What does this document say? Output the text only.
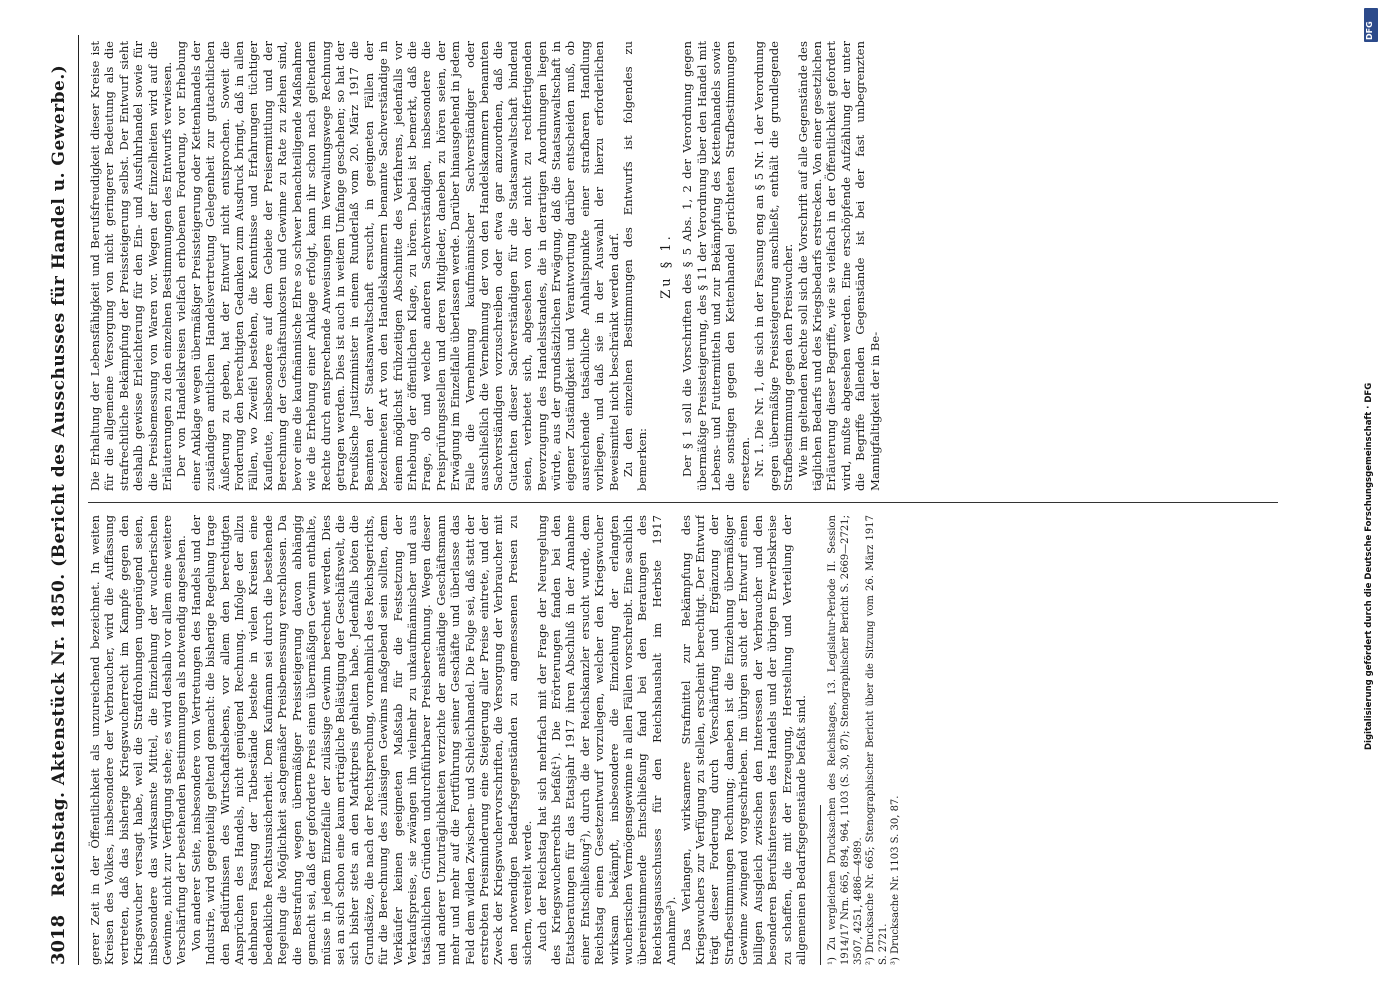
3018
Reichstag. Aktenstück Nr. 1850. (Bericht des Ausschusses für Handel u. Gewerbe.) gerer Zeit in der Öffentlichkeit als unzureichend bezeichnet. In weiten Kreisen des Volkes, insbesondere der Verbraucher, wird die Auffassung vertreten, daß das bisherige Kriegswucherrecht im Kampfe gegen den Kriegswucher versagt habe, weil die Strafdrohungen ungenügend seien, insbesondere das wirksamste Mittel, die Einziehung der wucherischen Gewinne, nicht zur Verfügung stehe; es wird deshalb vor allem eine weitere Verschärfung der bestehenden Bestimmungen als notwendig angesehen. Von anderer Seite, insbesondere von Vertretungen des Handels und der Industrie, wird gegenteilig geltend gemacht: die bisherige Regelung trage den Bedürfnissen des Wirtschaftslebens, vor allem den berechtigten Ansprüchen des Handels, nicht genügend Rechnung. Infolge der allzu dehnbaren Fassung der Tatbestände bestehe in vielen Kreisen eine bedenkliche Rechtsunsicherheit. Dem Kaufmann sei durch die bestehende Regelung die Möglichkeit sachgemäßer Preisbemessung verschlossen. Da die Bestrafung wegen übermäßiger Preissteigerung davon abhängig gemacht sei, daß der geforderte Preis einen übermäßigen Gewinn enthalte, müsse in jedem Einzelfalle der zulässige Gewinn berechnet werden. Dies sei an sich schon eine kaum erträgliche Belästigung der Geschäftswelt, die sich bisher stets an den Marktpreis gehalten habe. Jedenfalls böten die Grundsätze, die nach der Rechtsprechung, vornehmlich des Reichsgerichts, für die Berechnung des zulässigen Gewinns maßgebend sein sollten, dem Verkäufer keinen geeigneten Maßstab für die Festsetzung der Verkaufspreise, sie zwängen ihn vielmehr zu unkaufmännischer und aus tatsächlichen Gründen undurchführbarer Preisberechnung. Wegen dieser und anderer Unzuträglichkeiten verzichte der anständige Geschäftsmann mehr und mehr auf die Fortführung seiner Geschäfte und überlasse das Feld dem wilden Zwischen- und Schleichhandel. Die Folge sei, daß statt der erstrebten Preisminderung eine Steigerung aller Preise eintrete, und der Zweck der Kriegswuchervorschriften, die Versorgung der Verbraucher mit den notwendigen Bedarfsgegenständen zu angemessenen Preisen zu sichern, vereitelt werde. Auch der Reichstag hat sich mehrfach mit der Frage der Neuregelung des Kriegswucherrechts befaßt¹). Die Erörterungen fanden bei den Etatsberatungen für das Etatsjahr 1917 ihren Abschluß in der Annahme einer Entschließung²), durch die der Reichskanzler ersucht wurde, dem Reichstag einen Gesetzentwurf vorzulegen, welcher den Kriegswucher wirksam bekämpft, insbesondere die Einziehung der erlangten wucherischen Vermögensgewinne in allen Fällen vorschreibt. Eine sachlich übereinstimmende Entschließung fand bei den Beratungen des Reichstagsausschusses für den Reichshaushalt im Herbste 1917 Annahme³). Das Verlangen, wirksamere Strafmittel zur Bekämpfung des Kriegswuchers zur Verfügung zu stellen, erscheint berechtigt. Der Entwurf trägt dieser Forderung durch Verschärfung und Ergänzung der Strafbestimmungen Rechnung; daneben ist die Einziehung übermäßiger Gewinne zwingend vorgeschrieben. Im übrigen sucht der Entwurf einen billigen Ausgleich zwischen den Interessen der Verbraucher und den besonderen Berufsinteressen des Handels und der übrigen Erwerbskreise zu schaffen, die mit der Erzeugung, Herstellung und Verteilung der allgemeinen Bedarfsgegenstände befaßt sind. ¹) Zu vergleichen Drucksachen des Reichstages, 13. Legislatur-Periode II. Session 1914/17 Nrn. 665, 894, 964, 1103 (S. 30, 87); Stenographischer Bericht S. 2669—2721; 3507, 4251, 4886—4989. ²) Drucksache Nr. 665; Stenographischer Bericht über die Sitzung vom 26. März 1917 S. 2721. ³) Drucksache Nr. 1103 S. 30, 87.

Die Erhaltung der Lebensfähigkeit und Berufsfreudigkeit dieser Kreise ist für die allgemeine Versorgung von nicht geringerer Bedeutung als die strafrechtliche Bekämpfung der Preissteigerung selbst. Der Entwurf sieht deshalb gewisse Erleichterung für den Ein- und Ausfuhrhandel sowie für die Preisbemessung von Waren vor. Wegen der Einzelheiten wird auf die Erläuterungen zu den einzelnen Bestimmungen des Entwurfs verwiesen. Der von Handelskreisen vielfach erhobenen Forderung, vor Erhebung einer Anklage wegen übermäßiger Preissteigerung oder Kettenhandels der zuständigen amtlichen Handelsvertretung Gelegenheit zur gutachtlichen Äußerung zu geben, hat der Entwurf nicht entsprochen. Soweit die Forderung den berechtigten Gedanken zum Ausdruck bringt, daß in allen Fällen, wo Zweifel bestehen, die Kenntnisse und Erfahrungen tüchtiger Kaufleute, insbesondere auf dem Gebiete der Preisermittlung und der Berechnung der Geschäftsunkosten und Gewinne zu Rate zu ziehen sind, bevor eine die kaufmännische Ehre so schwer benachteiligende Maßnahme wie die Erhebung einer Anklage erfolgt, kann ihr schon nach geltendem Rechte durch entsprechende Anweisungen im Verwaltungswege Rechnung getragen werden. Dies ist auch in weitem Umfange geschehen; so hat der Preußische Justizminister in einem Runderlaß vom 20. März 1917 die Beamten der Staatsanwaltschaft ersucht, in geeigneten Fällen der bezeichneten Art von den Handelskammern benannte Sachverständige in einem möglichst frühzeitigen Abschnitte des Verfahrens, jedenfalls vor Erhebung der öffentlichen Klage, zu hören. Dabei ist bemerkt, daß die Frage, ob und welche anderen Sachverständigen, insbesondere die Preisprüfungsstellen und deren Mitglieder, daneben zu hören seien, der Erwägung im Einzelfalle überlassen werde. Darüber hinausgehend in jedem Falle die Vernehmung kaufmännischer Sachverständiger oder ausschließlich die Vernehmung der von den Handelskammern benannten Sachverständigen vorzuschreiben oder etwa gar anzuordnen, daß die Gutachten dieser Sachverständigen für die Staatsanwaltschaft bindend seien, verbietet sich, abgesehen von der nicht zu rechtfertigenden Bevorzugung des Handelsstandes, die in derartigen Anordnungen liegen würde, aus der grundsätzlichen Erwägung, daß die Staatsanwaltschaft in eigener Zuständigkeit und Verantwortung darüber entscheiden muß, ob ausreichende tatsächliche Anhaltspunkte einer strafbaren Handlung vorliegen, und daß sie in der Auswahl der hierzu erforderlichen Beweismittel nicht beschränkt werden darf. Zu den einzelnen Bestimmungen des Entwurfs ist folgendes zu bemerken:

Zu § 1. Der § 1 soll die Vorschriften des § 5 Abs. 1, 2 der Verordnung gegen übermäßige Preissteigerung, des § 11 der Verordnung über den Handel mit Lebens- und Futtermitteln und zur Bekämpfung des Kettenhandels sowie die sonstigen gegen den Kettenhandel gerichteten Strafbestimmungen ersetzen. Nr. 1. Die Nr. 1, die sich in der Fassung eng an § 5 Nr. 1 der Verordnung gegen übermäßige Preissteigerung anschließt, enthält die grundlegende Strafbestimmung gegen den Preiswucher. Wie im geltenden Rechte soll sich die Vorschrift auf alle Gegenstände des täglichen Bedarfs und des Kriegsbedarfs erstrecken. Von einer gesetzlichen Erläuterung dieser Begriffe, wie sie vielfach in der Öffentlichkeit gefordert wird, mußte abgesehen werden. Eine erschöpfende Aufzählung der unter die Begriffe fallenden Gegenstände ist bei der fast unbegrenzten Mannigfaltigkeit der in Be-	Digitalisierung gefördert durch die Deutsche Forschungsgemeinschaft · DFG
DFG
